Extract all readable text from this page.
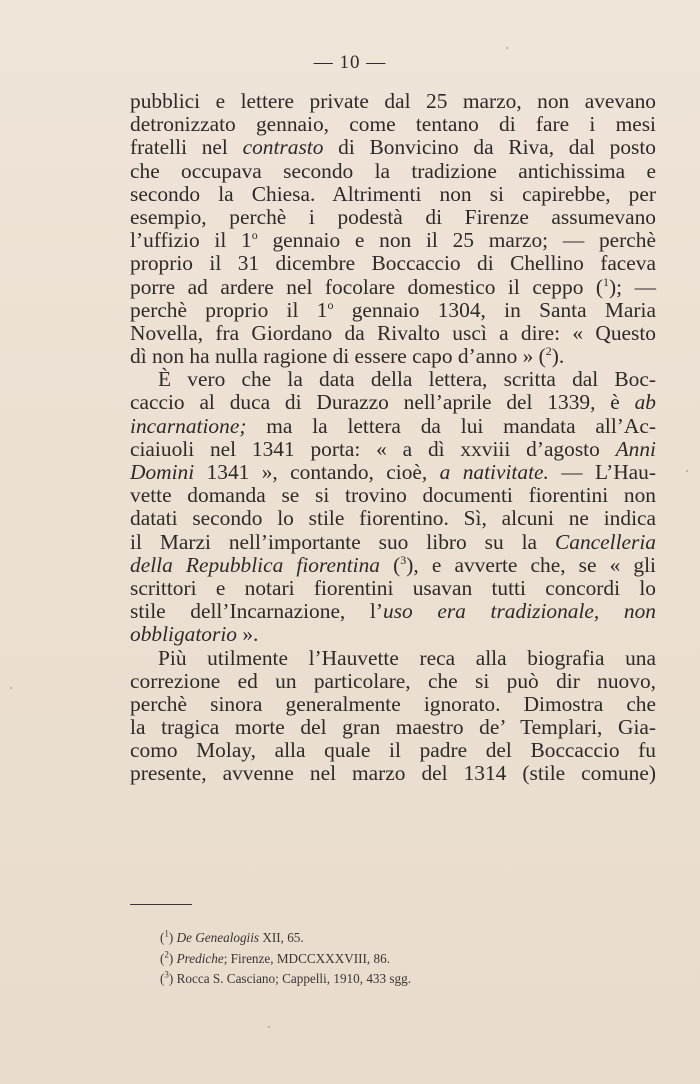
— 10 —
pubblici e lettere private dal 25 marzo, non avevano
detronizzato gennaio, come tentano di fare i mesi
fratelli nel contrasto di Bonvicino da Riva, dal posto
che occupava secondo la tradizione antichissima e
secondo la Chiesa. Altrimenti non si capirebbe, per
esempio, perchè i podestà di Firenze assumevano
l’uffizio il 1$^o$ gennaio e non il 25 marzo; — perchè
proprio il 31 dicembre Boccaccio di Chellino faceva
porre ad ardere nel focolare domestico il ceppo ($^1$); —
perchè proprio il 1$^o$ gennaio 1304, in Santa Maria
Novella, fra Giordano da Rivalto uscì a dire: « Questo
dì non ha nulla ragione di essere capo d’anno » ($^2$).
È vero che la data della lettera, scritta dal Boc-
caccio al duca di Durazzo nell’aprile del 1339, è ab
incarnatione; ma la lettera da lui mandata all’Ac-
ciaiuoli nel 1341 porta: « a dì xxviii d’agosto Anni
Domini 1341 », contando, cioè, a nativitate. — L’Hau-
vette domanda se si trovino documenti fiorentini non
datati secondo lo stile fiorentino. Sì, alcuni ne indica
il Marzi nell’importante suo libro su la Cancelleria
della Repubblica fiorentina ($^3$), e avverte che, se « gli
scrittori e notari fiorentini usavan tutti concordi lo
stile dell’Incarnazione, l’uso era tradizionale, non
obbligatorio ».
Più utilmente l’Hauvette reca alla biografia una
correzione ed un particolare, che si può dir nuovo,
perchè sinora generalmente ignorato. Dimostra che
la tragica morte del gran maestro de’ Templari, Gia-
como Molay, alla quale il padre del Boccaccio fu
presente, avvenne nel marzo del 1314 (stile comune)
($^1$) De Genealogiis XII, 65.
($^2$) Prediche; Firenze, MDCCXXXVIII, 86.
($^3$) Rocca S. Casciano; Cappelli, 1910, 433 sgg.
